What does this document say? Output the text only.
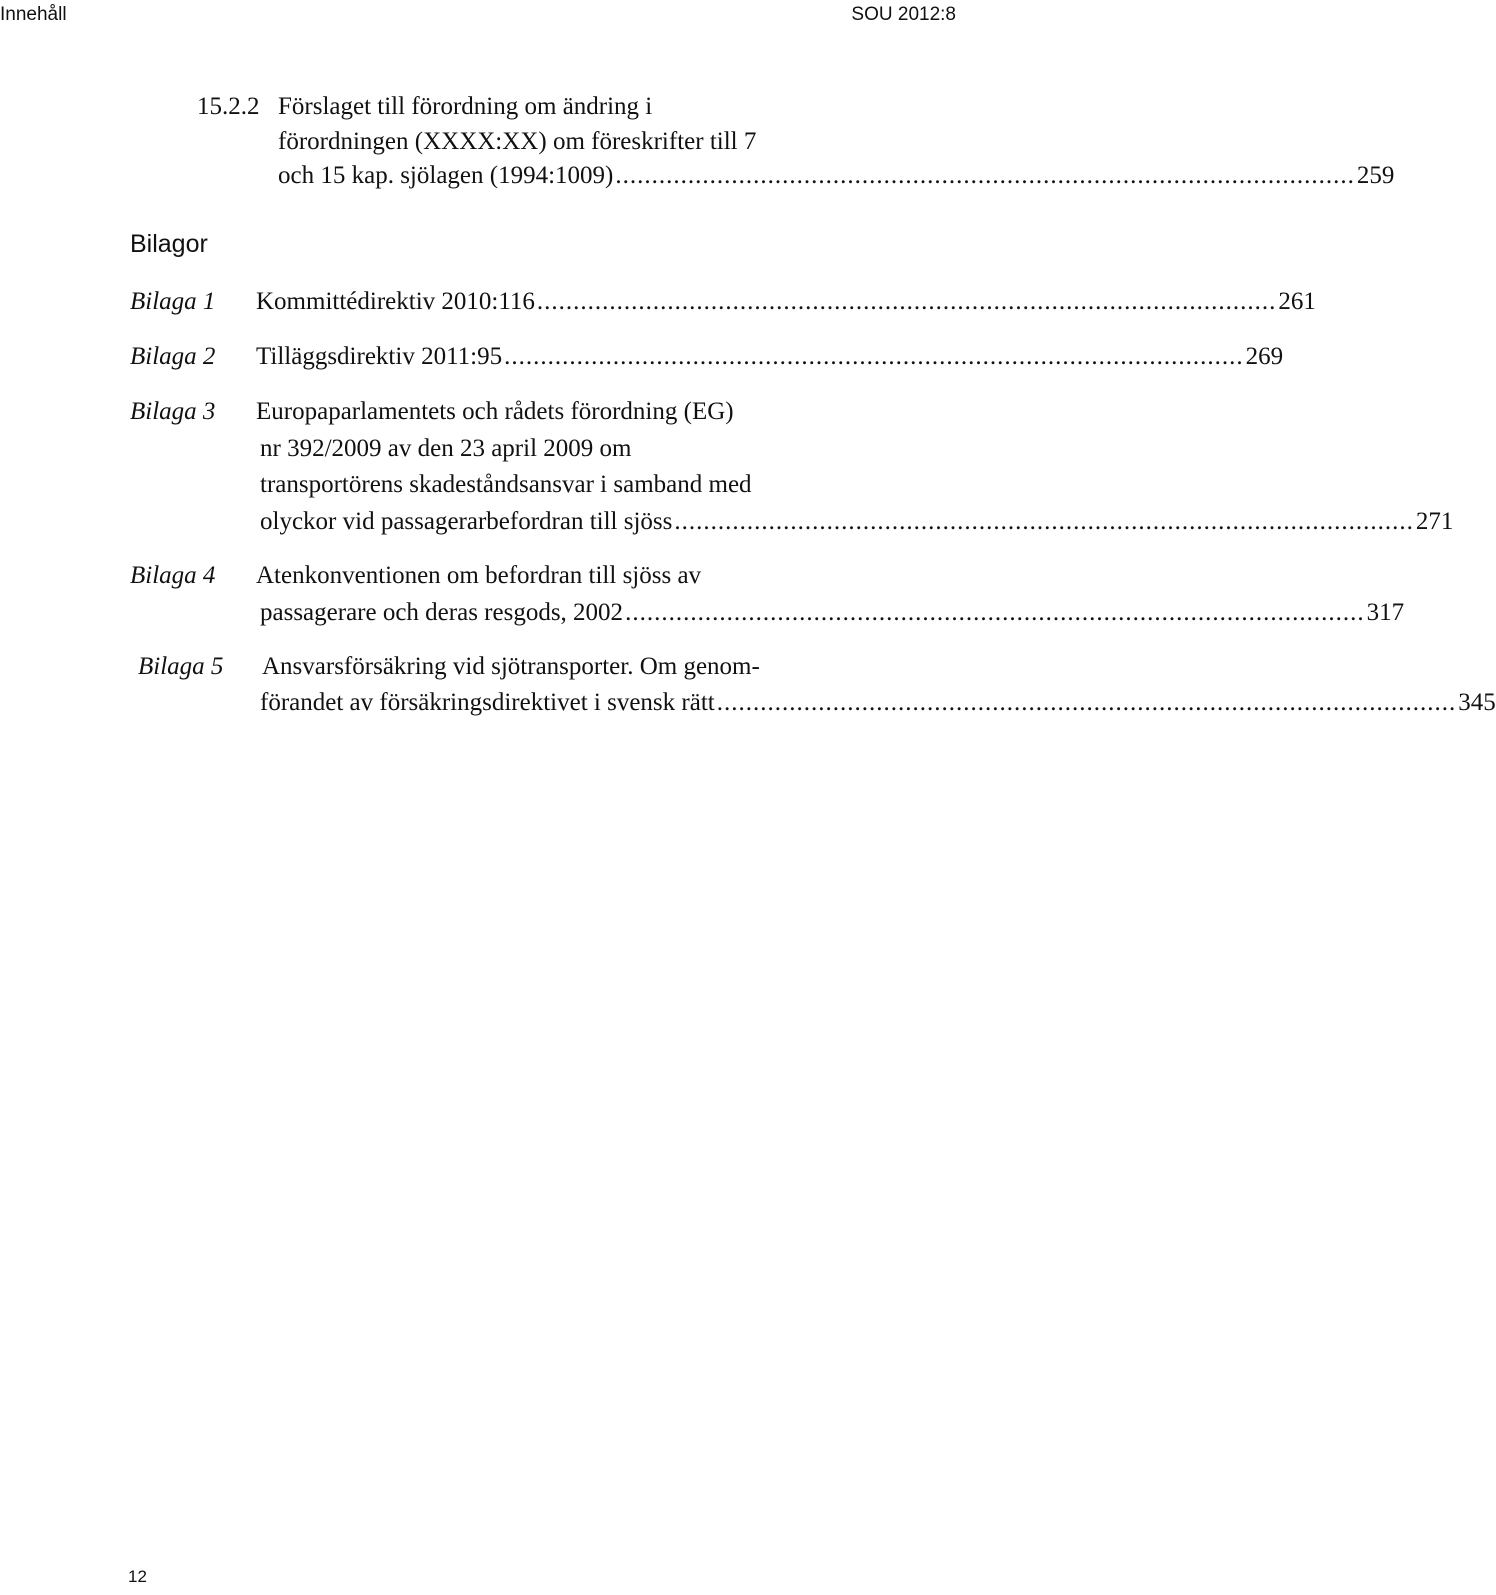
Innehåll	SOU 2012:8
15.2.2 Förslaget till förordning om ändring i
förordningen (XXXX:XX) om föreskrifter till 7
och 15 kap. sjölagen (1994:1009) ...................................................................................................... 259
Bilagor
Bilaga 1 Kommittédirektiv 2010:116 ...................................................................................................... 261
Bilaga 2 Tilläggsdirektiv 2011:95 ...................................................................................................... 269
Bilaga 3 Europaparlamentets och rådets förordning (EG)
nr 392/2009 av den 23 april 2009 om
transportörens skadeståndsansvar i samband med
olyckor vid passagerarbefordran till sjöss ...................................................................................................... 271
Bilaga 4 Atenkonventionen om befordran till sjöss av
passagerare och deras resgods, 2002 ...................................................................................................... 317
Bilaga 5 Ansvarsförsäkring vid sjötransporter. Om genom-
förandet av försäkringsdirektivet i svensk rätt ...................................................................................................... 345
12
